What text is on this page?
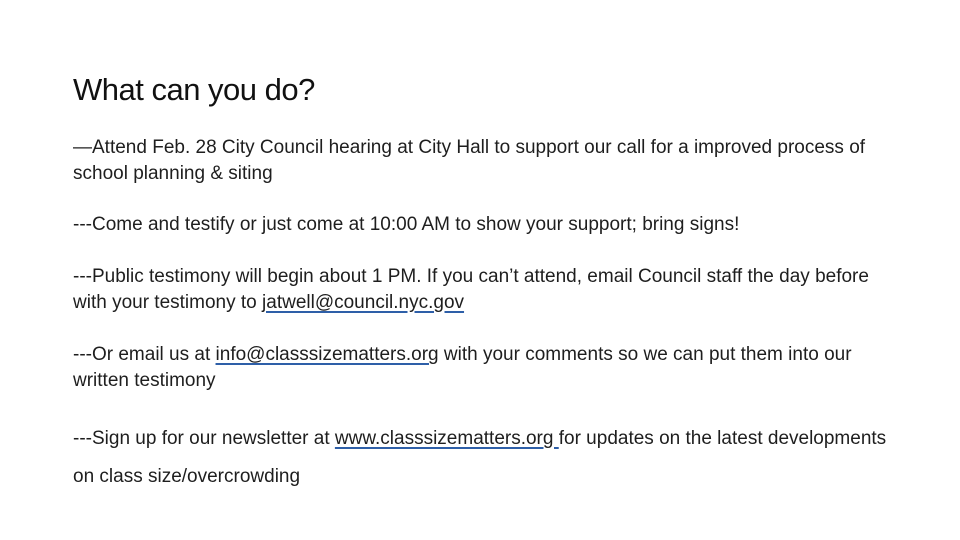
What can you do?

—Attend Feb. 28 City Council hearing at City Hall to support our call for a improved process of school planning & siting

---Come and testify or just come at 10:00 AM to show your support; bring signs!

---Public testimony will begin about 1 PM. If you can’t attend, email Council staff the day before with your testimony to jatwell@council.nyc.gov

---Or email us at info@classsizematters.org with your comments so we can put them into our written testimony

---Sign up for our newsletter at www.classsizematters.org for updates on the latest developments on class size/overcrowding
